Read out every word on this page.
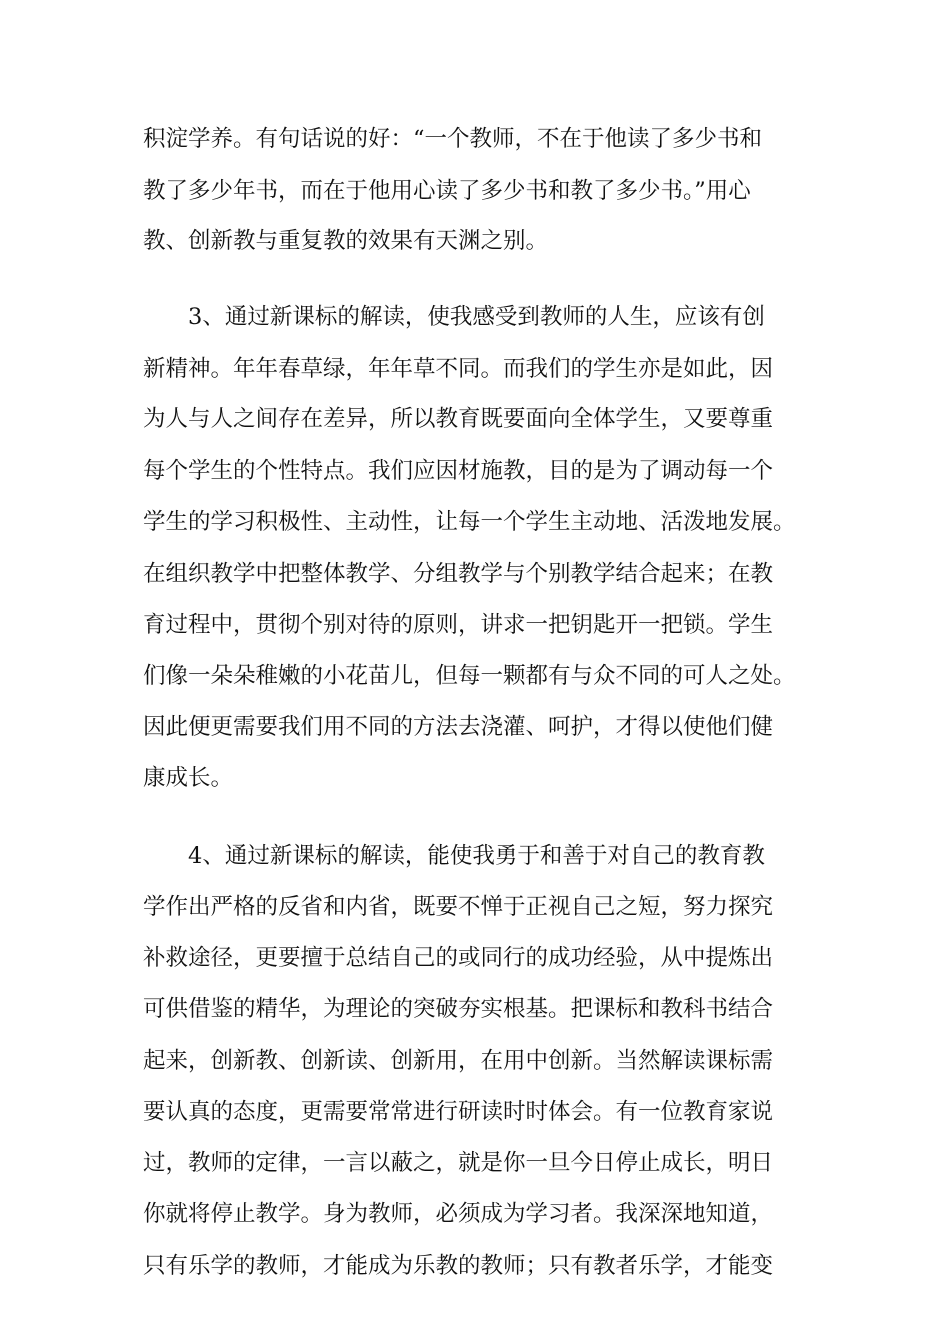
积淀学养。有句话说的好：“一个教师，不在于他读了多少书和
教了多少年书，而在于他用心读了多少书和教了多少书。”用心
教、创新教与重复教的效果有天渊之别。
3、通过新课标的解读，使我感受到教师的人生，应该有创
新精神。年年春草绿，年年草不同。而我们的学生亦是如此，因
为人与人之间存在差异，所以教育既要面向全体学生，又要尊重
每个学生的个性特点。我们应因材施教，目的是为了调动每一个
学生的学习积极性、主动性，让每一个学生主动地、活泼地发展。
在组织教学中把整体教学、分组教学与个别教学结合起来；在教
育过程中，贯彻个别对待的原则，讲求一把钥匙开一把锁。学生
们像一朵朵稚嫩的小花苗儿，但每一颗都有与众不同的可人之处。
因此便更需要我们用不同的方法去浇灌、呵护，才得以使他们健
康成长。
4、通过新课标的解读，能使我勇于和善于对自己的教育教
学作出严格的反省和内省，既要不惮于正视自己之短，努力探究
补救途径，更要擅于总结自己的或同行的成功经验，从中提炼出
可供借鉴的精华，为理论的突破夯实根基。把课标和教科书结合
起来，创新教、创新读、创新用，在用中创新。当然解读课标需
要认真的态度，更需要常常进行研读时时体会。有一位教育家说
过，教师的定律，一言以蔽之，就是你一旦今日停止成长，明日
你就将停止教学。身为教师，必须成为学习者。我深深地知道，
只有乐学的教师，才能成为乐教的教师；只有教者乐学，才能变
